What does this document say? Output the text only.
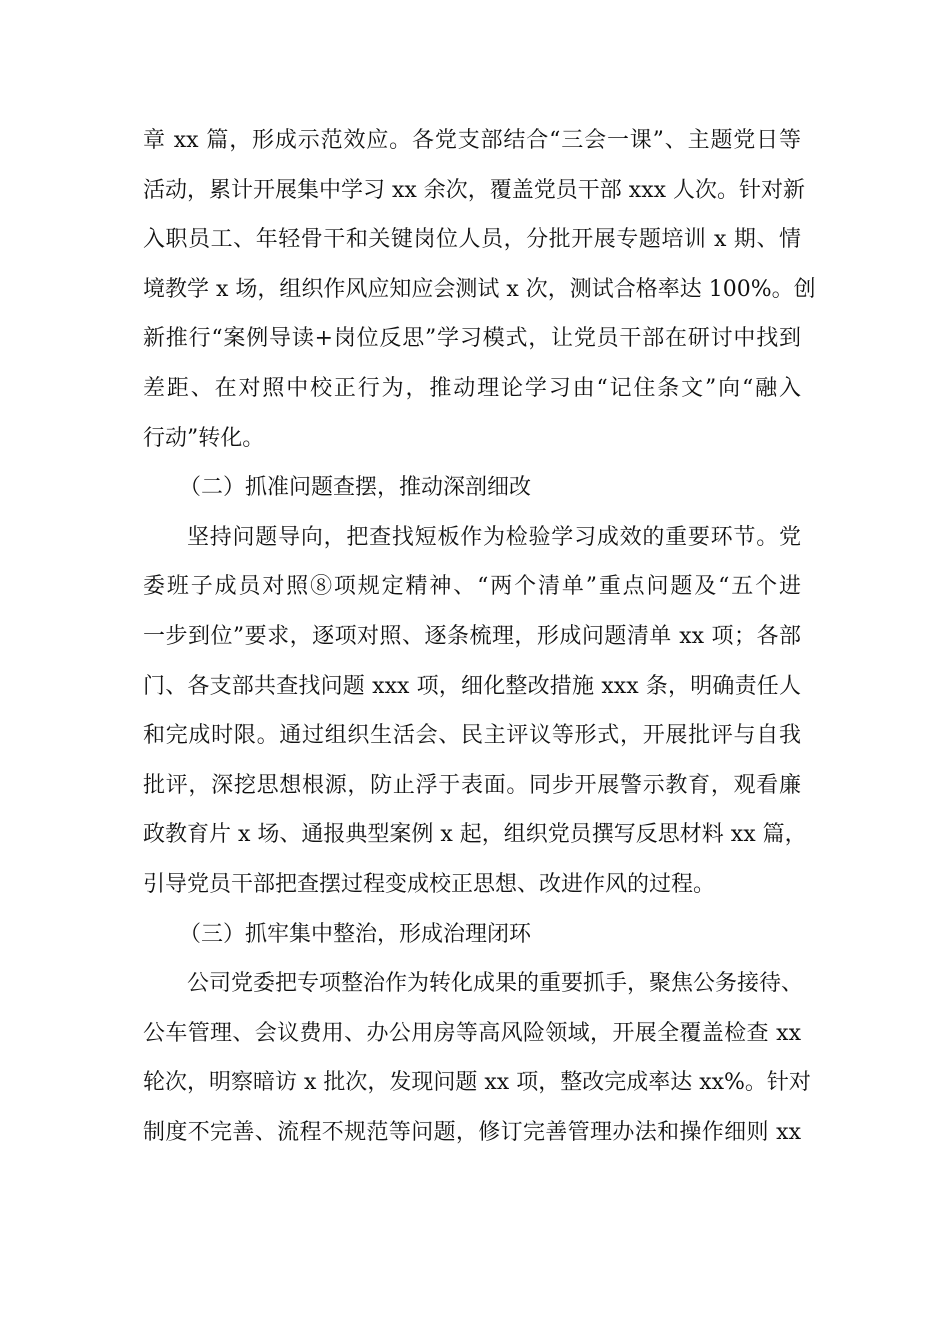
章 xx 篇，形成示范效应。各党支部结合“三会一课”、主题党日等
活动，累计开展集中学习 xx 余次，覆盖党员干部 xxx 人次。针对新
入职员工、年轻骨干和关键岗位人员，分批开展专题培训 x 期、情
境教学 x 场，组织作风应知应会测试 x 次，测试合格率达 100%。创
新推行“案例导读+岗位反思”学习模式，让党员干部在研讨中找到
差距、在对照中校正行为，推动理论学习由“记住条文”向“融入
行动”转化。
（二）抓准问题查摆，推动深剖细改
坚持问题导向，把查找短板作为检验学习成效的重要环节。党
委班子成员对照⑧项规定精神、“两个清单”重点问题及“五个进
一步到位”要求，逐项对照、逐条梳理，形成问题清单 xx 项；各部
门、各支部共查找问题 xxx 项，细化整改措施 xxx 条，明确责任人
和完成时限。通过组织生活会、民主评议等形式，开展批评与自我
批评，深挖思想根源，防止浮于表面。同步开展警示教育，观看廉
政教育片 x 场、通报典型案例 x 起，组织党员撰写反思材料 xx 篇，
引导党员干部把查摆过程变成校正思想、改进作风的过程。
（三）抓牢集中整治，形成治理闭环
公司党委把专项整治作为转化成果的重要抓手，聚焦公务接待、
公车管理、会议费用、办公用房等高风险领域，开展全覆盖检查 xx
轮次，明察暗访 x 批次，发现问题 xx 项，整改完成率达 xx%。针对
制度不完善、流程不规范等问题，修订完善管理办法和操作细则 xx
